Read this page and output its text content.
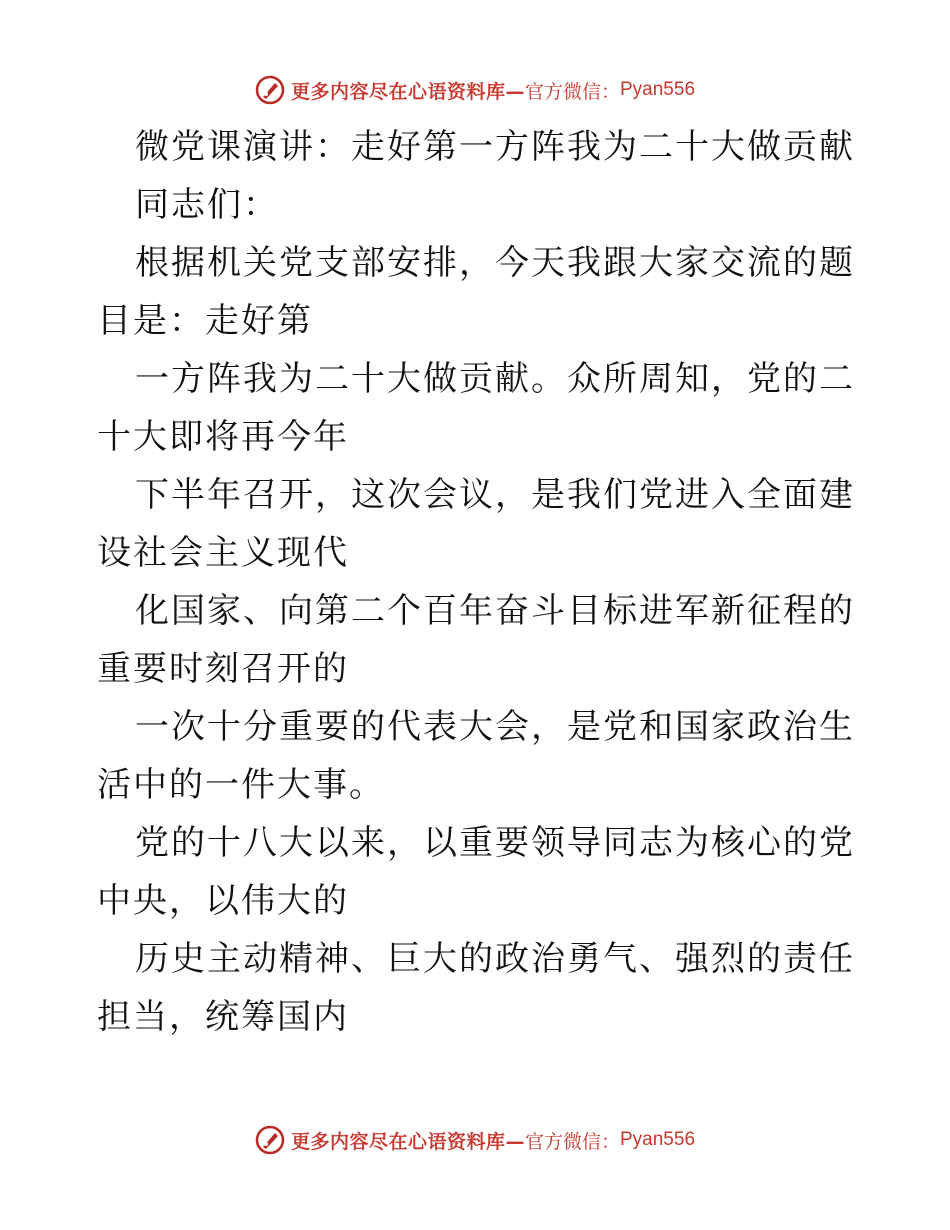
更多内容尽在心语资料库— 官方微信： Pyan556

微党课演讲：走好第一方阵我为二十大做贡献

同志们：

根据机关党支部安排，今天我跟大家交流的题目是：走好第

一方阵我为二十大做贡献。众所周知，党的二十大即将再今年

下半年召开，这次会议，是我们党进入全面建设社会主义现代

化国家、向第二个百年奋斗目标进军新征程的重要时刻召开的

一次十分重要的代表大会，是党和国家政治生活中的一件大事。

党的十八大以来，以重要领导同志为核心的党中央，以伟大的

历史主动精神、巨大的政治勇气、强烈的责任担当，统筹国内

更多内容尽在心语资料库— 官方微信： Pyan556
